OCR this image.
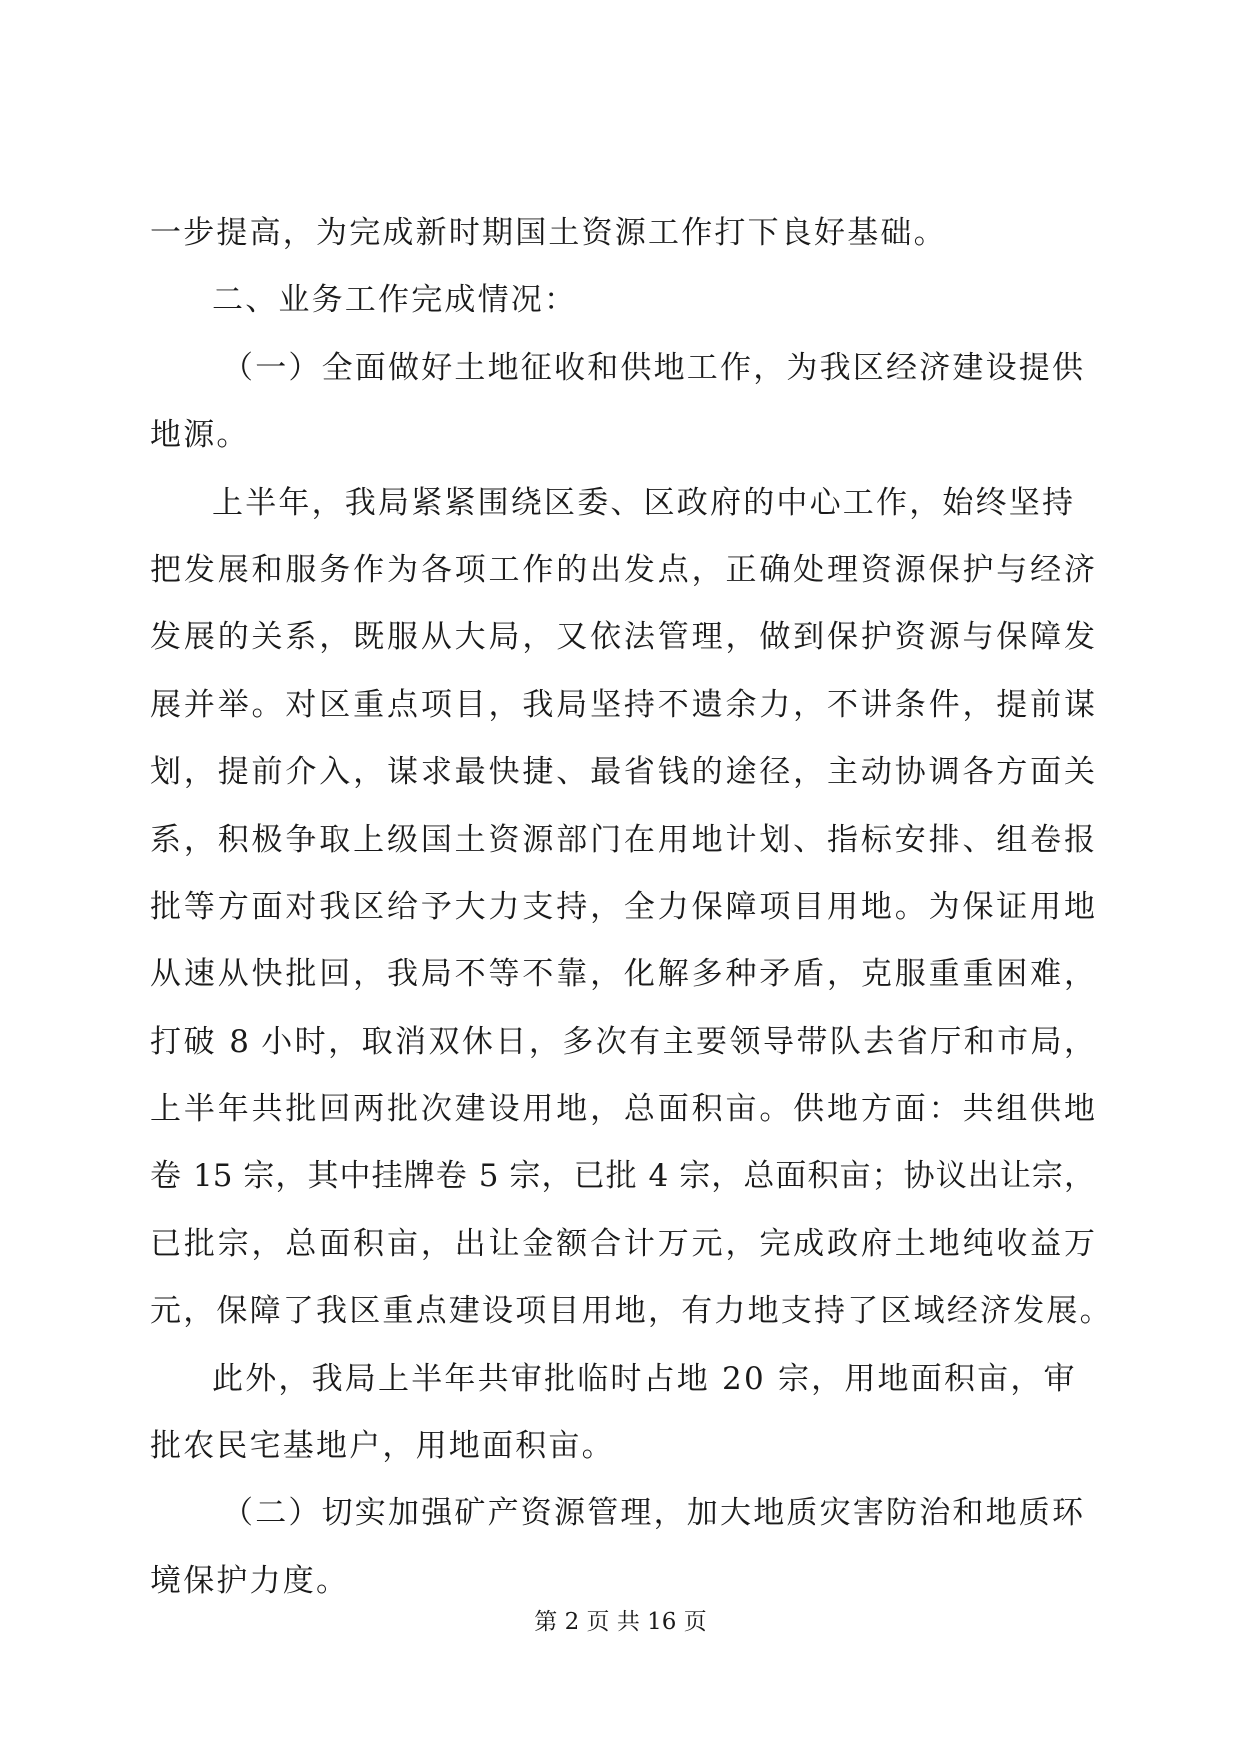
一步提高，为完成新时期国土资源工作打下良好基础。
二、业务工作完成情况：
（一）全面做好土地征收和供地工作，为我区经济建设提供
地源。
上半年，我局紧紧围绕区委、区政府的中心工作，始终坚持
把发展和服务作为各项工作的出发点，正确处理资源保护与经济
发展的关系，既服从大局，又依法管理，做到保护资源与保障发
展并举。对区重点项目，我局坚持不遗余力，不讲条件，提前谋
划，提前介入，谋求最快捷、最省钱的途径，主动协调各方面关
系，积极争取上级国土资源部门在用地计划、指标安排、组卷报
批等方面对我区给予大力支持，全力保障项目用地。为保证用地
从速从快批回，我局不等不靠，化解多种矛盾，克服重重困难，
打破 8 小时，取消双休日，多次有主要领导带队去省厅和市局，
上半年共批回两批次建设用地，总面积亩。供地方面：共组供地
卷 15 宗，其中挂牌卷 5 宗，已批 4 宗，总面积亩；协议出让宗，
已批宗，总面积亩，出让金额合计万元，完成政府土地纯收益万
元，保障了我区重点建设项目用地，有力地支持了区域经济发展。
此外，我局上半年共审批临时占地 20 宗，用地面积亩，审
批农民宅基地户，用地面积亩。
（二）切实加强矿产资源管理，加大地质灾害防治和地质环
境保护力度。
第 2 页 共 16 页
